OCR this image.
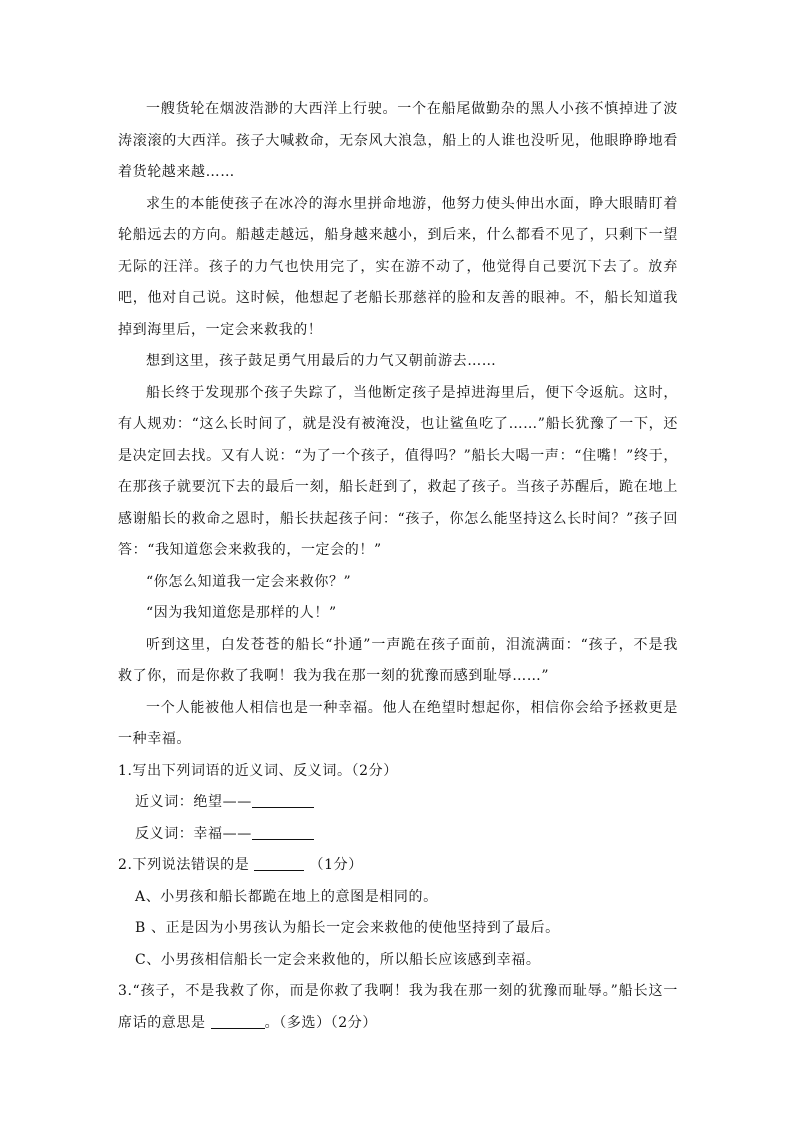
一艘货轮在烟波浩渺的大西洋上行驶。一个在船尾做勤杂的黑人小孩不慎掉进了波涛滚滚的大西洋。孩子大喊救命，无奈风大浪急，船上的人谁也没听见，他眼睁睁地看着货轮越来越……

求生的本能使孩子在冰冷的海水里拼命地游，他努力使头伸出水面，睁大眼睛盯着轮船远去的方向。船越走越远，船身越来越小，到后来，什么都看不见了，只剩下一望无际的汪洋。孩子的力气也快用完了，实在游不动了，他觉得自己要沉下去了。放弃吧，他对自己说。这时候，他想起了老船长那慈祥的脸和友善的眼神。不，船长知道我掉到海里后，一定会来救我的！

想到这里，孩子鼓足勇气用最后的力气又朝前游去……

船长终于发现那个孩子失踪了，当他断定孩子是掉进海里后，便下令返航。这时，有人规劝：“这么长时间了，就是没有被淹没，也让鲨鱼吃了……”船长犹豫了一下，还是决定回去找。又有人说：“为了一个孩子，值得吗？”船长大喝一声：“住嘴！”终于，在那孩子就要沉下去的最后一刻，船长赶到了，救起了孩子。当孩子苏醒后，跪在地上感谢船长的救命之恩时，船长扶起孩子问：“孩子，你怎么能坚持这么长时间？”孩子回答：“我知道您会来救我的，一定会的！”

“你怎么知道我一定会来救你？”

“因为我知道您是那样的人！”

听到这里，白发苍苍的船长“扑通”一声跪在孩子面前，泪流满面：“孩子，不是我救了你，而是你救了我啊！我为我在那一刻的犹豫而感到耻辱……”

一个人能被他人相信也是一种幸福。他人在绝望时想起你，相信你会给予拯救更是一种幸福。

1.写出下列词语的近义词、反义词。（2分）

近义词：绝望——

反义词：幸福——

2.下列说法错误的是	（1分）

A、小男孩和船长都跪在地上的意图是相同的。

B 、正是因为小男孩认为船长一定会来救他的使他坚持到了最后。

C、小男孩相信船长一定会来救他的，所以船长应该感到幸福。

3.“孩子，不是我救了你，而是你救了我啊！我为我在那一刻的犹豫而耻辱。”船长这一席话的意思是	。（多选）（2分）
